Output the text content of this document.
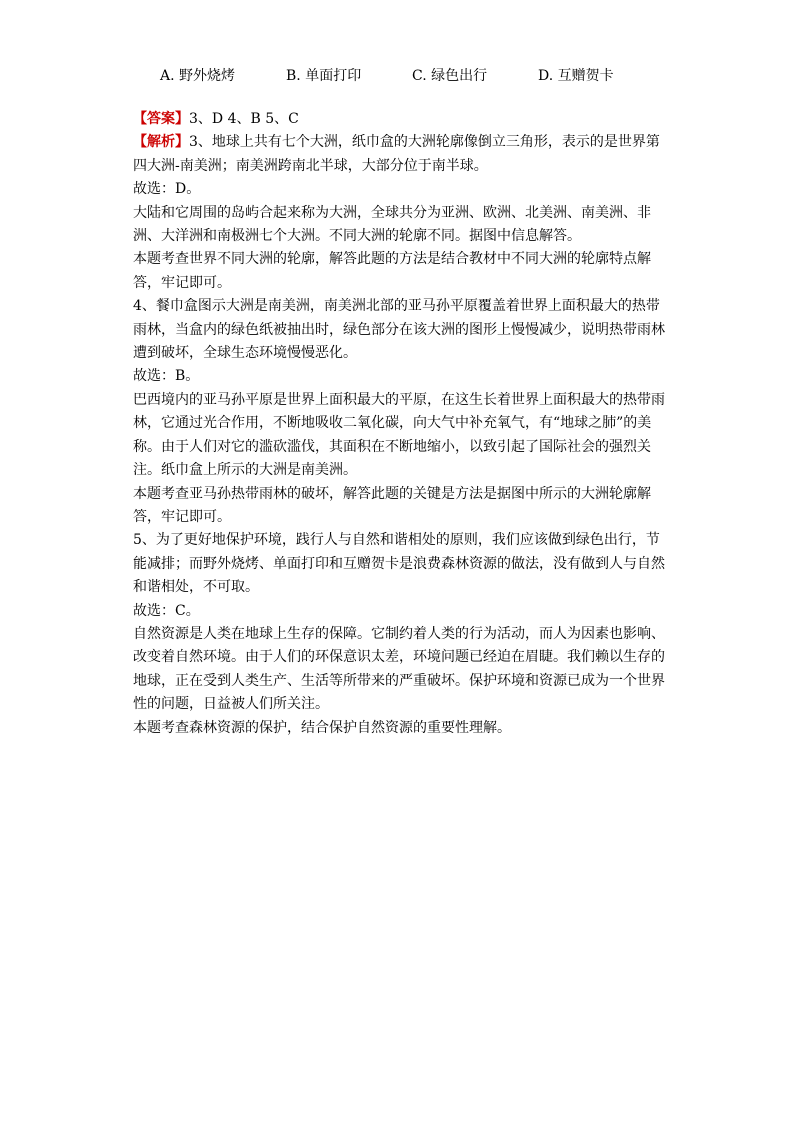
A. 野外烧烤	B. 单面打印	C. 绿色出行	D. 互赠贺卡

【答案】3、D 4、B 5、C

【解析】3、地球上共有七个大洲，纸巾盒的大洲轮廓像倒立三角形，表示的是世界第四大洲-南美洲；南美洲跨南北半球，大部分位于南半球。

故选：D。

大陆和它周围的岛屿合起来称为大洲，全球共分为亚洲、欧洲、北美洲、南美洲、非洲、大洋洲和南极洲七个大洲。不同大洲的轮廓不同。据图中信息解答。

本题考查世界不同大洲的轮廓，解答此题的方法是结合教材中不同大洲的轮廓特点解答，牢记即可。

4、餐巾盒图示大洲是南美洲，南美洲北部的亚马孙平原覆盖着世界上面积最大的热带雨林，当盒内的绿色纸被抽出时，绿色部分在该大洲的图形上慢慢减少，说明热带雨林遭到破坏，全球生态环境慢慢恶化。

故选：B。

巴西境内的亚马孙平原是世界上面积最大的平原，在这生长着世界上面积最大的热带雨林，它通过光合作用，不断地吸收二氧化碳，向大气中补充氧气，有“地球之肺”的美称。由于人们对它的滥砍滥伐，其面积在不断地缩小，以致引起了国际社会的强烈关注。纸巾盒上所示的大洲是南美洲。

本题考查亚马孙热带雨林的破坏，解答此题的关键是方法是据图中所示的大洲轮廓解答，牢记即可。

5、为了更好地保护环境，践行人与自然和谐相处的原则，我们应该做到绿色出行，节能减排；而野外烧烤、单面打印和互赠贺卡是浪费森林资源的做法，没有做到人与自然和谐相处，不可取。

故选：C。

自然资源是人类在地球上生存的保障。它制约着人类的行为活动，而人为因素也影响、改变着自然环境。由于人们的环保意识太差，环境问题已经迫在眉睫。我们赖以生存的地球，正在受到人类生产、生活等所带来的严重破坏。保护环境和资源已成为一个世界性的问题，日益被人们所关注。

本题考查森林资源的保护，结合保护自然资源的重要性理解。
